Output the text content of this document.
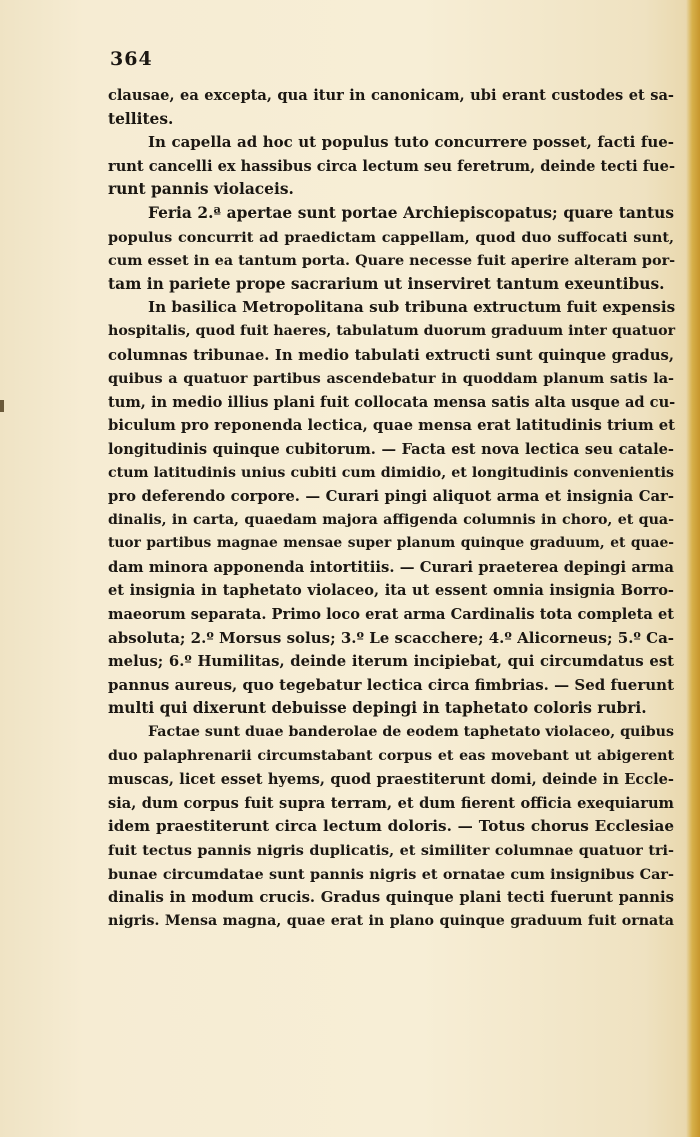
364
clausae, ea excepta, qua itur in canonicam, ubi erant custodes et sa-
tellites.
In capella ad hoc ut populus tuto concurrere posset, facti fue-
runt cancelli ex hassibus circa lectum seu feretrum, deinde tecti fue-
runt pannis violaceis.
Feria 2.ª apertae sunt portae Archiepiscopatus; quare tantus
populus concurrit ad praedictam cappellam, quod duo suffocati sunt,
cum esset in ea tantum porta. Quare necesse fuit aperire alteram por-
tam in pariete prope sacrarium ut inserviret tantum exeuntibus.
In basilica Metropolitana sub tribuna extructum fuit expensis
hospitalis, quod fuit haeres, tabulatum duorum graduum inter quatuor
columnas tribunae. In medio tabulati extructi sunt quinque gradus,
quibus a quatuor partibus ascendebatur in quoddam planum satis la-
tum, in medio illius plani fuit collocata mensa satis alta usque ad cu-
biculum pro reponenda lectica, quae mensa erat latitudinis trium et
longitudinis quinque cubitorum. — Facta est nova lectica seu catale-
ctum latitudinis unius cubiti cum dimidio, et longitudinis convenientis
pro deferendo corpore. — Curari pingi aliquot arma et insignia Car-
dinalis, in carta, quaedam majora affigenda columnis in choro, et qua-
tuor partibus magnae mensae super planum quinque graduum, et quae-
dam minora apponenda intortitiis. — Curari praeterea depingi arma
et insignia in taphetato violaceo, ita ut essent omnia insignia Borro-
maeorum separata. Primo loco erat arma Cardinalis tota completa et
absoluta; 2.º Morsus solus; 3.º Le scacchere; 4.º Alicorneus; 5.º Ca-
melus; 6.º Humilitas, deinde iterum incipiebat, qui circumdatus est
pannus aureus, quo tegebatur lectica circa fimbrias. — Sed fuerunt
multi qui dixerunt debuisse depingi in taphetato coloris rubri.
Factae sunt duae banderolae de eodem taphetato violaceo, quibus
duo palaphrenarii circumstabant corpus et eas movebant ut abigerent
muscas, licet esset hyems, quod praestiterunt domi, deinde in Eccle-
sia, dum corpus fuit supra terram, et dum fierent officia exequiarum
idem praestiterunt circa lectum doloris. — Totus chorus Ecclesiae
fuit tectus pannis nigris duplicatis, et similiter columnae quatuor tri-
bunae circumdatae sunt pannis nigris et ornatae cum insignibus Car-
dinalis in modum crucis. Gradus quinque plani tecti fuerunt pannis
nigris. Mensa magna, quae erat in plano quinque graduum fuit ornata
